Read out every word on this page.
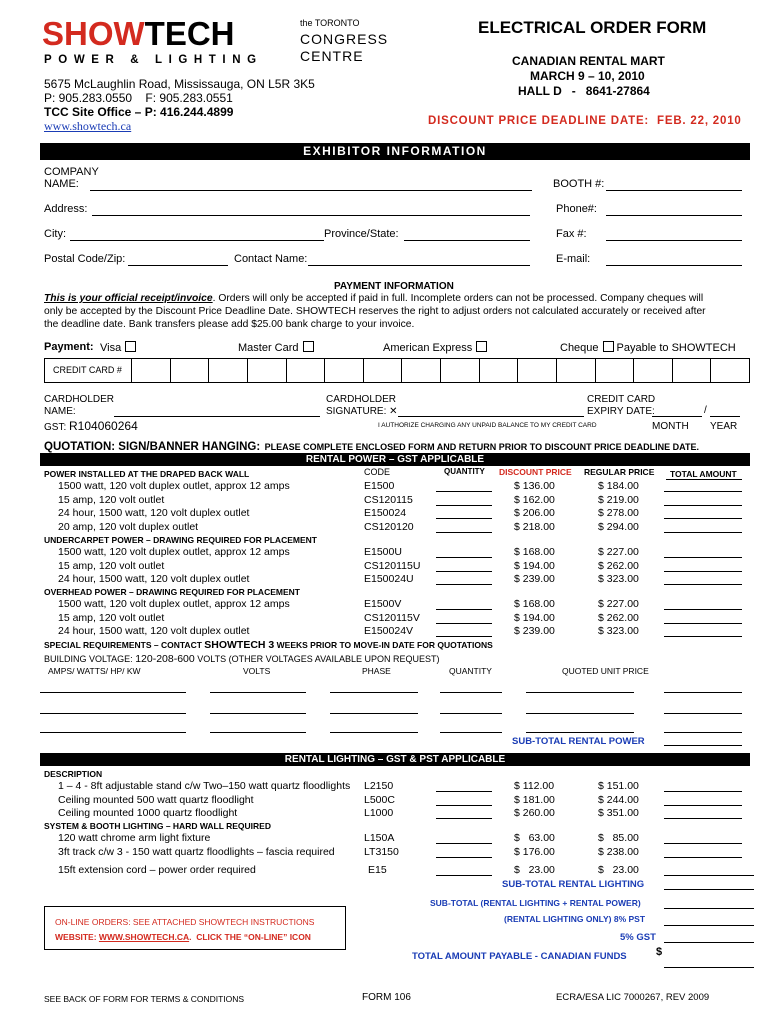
SHOWTECH
POWER & LIGHTING
the TORONTO
CONGRESS
CENTRE
5675 McLaughlin Road, Mississauga, ON L5R 3K5
P: 905.283.0550    F: 905.283.0551
TCC Site Office – P: 416.244.4899
www.showtech.ca
ELECTRICAL ORDER FORM
CANADIAN RENTAL MART
MARCH 9 – 10, 2010
HALL D   -   8641-27864
DISCOUNT PRICE DEADLINE DATE:  FEB. 22, 2010
EXHIBITOR INFORMATION
COMPANY
NAME:	BOOTH #:
Address:	Phone#:
City:	Province/State:	Fax #:
Postal Code/Zip:	Contact Name:	E-mail:
PAYMENT INFORMATION
This is your official receipt/invoice. Orders will only be accepted if paid in full. Incomplete orders can not be processed. Company cheques will
only be accepted by the Discount Price Deadline Date. SHOWTECH reserves the right to adjust orders not calculated accurately or received after
the deadline date. Bank transfers please add $25.00 bank charge to your invoice.
Payment: Visa	Master Card	American Express	Cheque Payable to SHOWTECH
CREDIT CARD #
CARDHOLDER
NAME:
CARDHOLDER
SIGNATURE: ✕
CREDIT CARD
EXPIRY DATE:	/
GST: R104060264	I AUTHORIZE CHARGING ANY UNPAID BALANCE TO MY CREDIT CARD	MONTH YEAR
QUOTATION: SIGN/BANNER HANGING: PLEASE COMPLETE ENCLOSED FORM AND RETURN PRIOR TO DISCOUNT PRICE DEADLINE DATE.
RENTAL POWER – GST APPLICABLE
CODE	QUANTITY DISCOUNT PRICE REGULAR PRICE TOTAL AMOUNT
POWER INSTALLED AT THE DRAPED BACK WALL
1500 watt, 120 volt duplex outlet, approx 12 amps	E1500	$ 136.00	$ 184.00
15 amp, 120 volt outlet	CS120115	$ 162.00	$ 219.00
24 hour, 1500 watt, 120 volt duplex outlet	E150024	$ 206.00	$ 278.00
20 amp, 120 volt duplex outlet	CS120120	$ 218.00	$ 294.00
UNDERCARPET POWER – DRAWING REQUIRED FOR PLACEMENT
1500 watt, 120 volt duplex outlet, approx 12 amps	E1500U	$ 168.00	$ 227.00
15 amp, 120 volt outlet	CS120115U	$ 194.00	$ 262.00
24 hour, 1500 watt, 120 volt duplex outlet	E150024U	$ 239.00	$ 323.00
OVERHEAD POWER – DRAWING REQUIRED FOR PLACEMENT
1500 watt, 120 volt duplex outlet, approx 12 amps	E1500V	$ 168.00	$ 227.00
15 amp, 120 volt outlet	CS120115V	$ 194.00	$ 262.00
24 hour, 1500 watt, 120 volt duplex outlet	E150024V	$ 239.00	$ 323.00
SPECIAL REQUIREMENTS – CONTACT SHOWTECH 3 WEEKS PRIOR TO MOVE-IN DATE FOR QUOTATIONS
BUILDING VOLTAGE: 120-208-600 VOLTS (OTHER VOLTAGES AVAILABLE UPON REQUEST)
AMPS/ WATTS/ HP/ KW	VOLTS	PHASE	QUANTITY	QUOTED UNIT PRICE
SUB-TOTAL RENTAL POWER
RENTAL LIGHTING – GST & PST APPLICABLE
DESCRIPTION
1 – 4 - 8ft adjustable stand c/w Two–150 watt quartz floodlights L2150	$ 112.00	$ 151.00
Ceiling mounted 500 watt quartz floodlight	L500C	$ 181.00	$ 244.00
Ceiling mounted 1000 quartz floodlight	L1000	$ 260.00	$ 351.00
SYSTEM & BOOTH LIGHTING – HARD WALL REQUIRED
120 watt chrome arm light fixture	L150A	$   63.00	$   85.00
3ft track c/w 3 - 150 watt quartz floodlights – fascia required	LT3150	$ 176.00	$ 238.00
15ft extension cord – power order required	E15	$   23.00	$   23.00
SUB-TOTAL RENTAL LIGHTING
ON-LINE ORDERS: SEE ATTACHED SHOWTECH INSTRUCTIONS
WEBSITE: WWW.SHOWTECH.CA.  CLICK THE “ON-LINE” ICON
SUB-TOTAL (RENTAL LIGHTING + RENTAL POWER)
(RENTAL LIGHTING ONLY) 8% PST
5% GST
TOTAL AMOUNT PAYABLE - CANADIAN FUNDS	$
SEE BACK OF FORM FOR TERMS & CONDITIONS	FORM 106	ECRA/ESA LIC 7000267, REV 2009
